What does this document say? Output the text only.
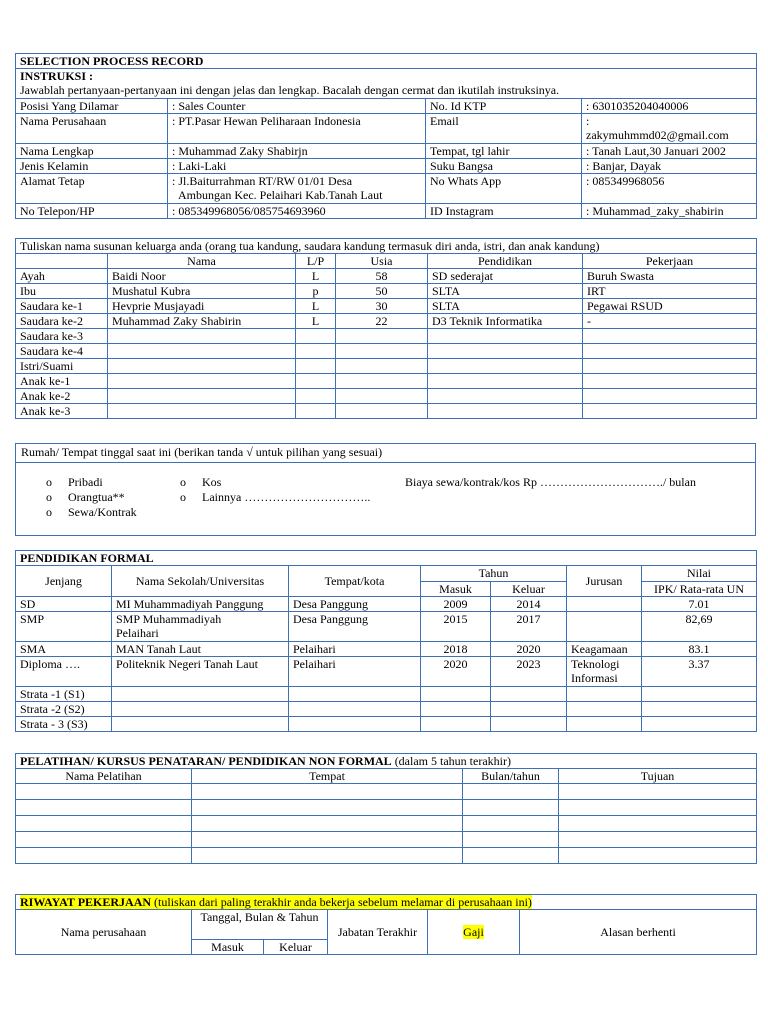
SELECTION PROCESS RECORD			

INSTRUKSI :
Jawablah pertanyaan-pertanyaan ini dengan jelas dan lengkap. Bacalah dengan cermat dan ikutilah instruksinya.			

Posisi Yang Dilamar	: Sales Counter	No. Id KTP	: 6301035204040006
Nama Perusahaan	: PT.Pasar Hewan Peliharaan Indonesia	Email	:
zakymuhmmd02@gmail.com

Nama Lengkap	: Muhammad Zaky Shabirjn	Tempat, tgl lahir	: Tanah Laut,30 Januari 2002
Jenis Kelamin	: Laki-Laki	Suku Bangsa	: Banjar, Dayak
Alamat Tetap	: Jl.Baiturrahman RT/RW 01/01 Desa
Ambungan Kec. Pelaihari Kab.Tanah Laut	No Whats App	: 085349968056
No Telepon/HP	: 085349968056/085754693960	ID Instagram	: Muhammad_zaky_shabirin
Tuliskan nama susunan keluarga anda (orang tua kandung, saudara kandung termasuk diri anda, istri, dan anak kandung)					
	Nama	L/P	Usia	Pendidikan	Pekerjaan
Ayah	Baidi Noor	L	58	SD sederajat	Buruh Swasta
Ibu	Mushatul Kubra	p	50	SLTA	IRT
Saudara ke-1	Hevprie Musjayadi	L	30	SLTA	Pegawai RSUD
Saudara ke-2	Muhammad Zaky Shabirin	L	22	D3 Teknik Informatika	-
Saudara ke-3					
Saudara ke-4					
Istri/Suami					
Anak ke-1					
Anak ke-2					
Anak ke-3					
Rumah/ Tempat tinggal saat ini (berikan tanda √ untuk pilihan yang sesuai)
o Pribadi
o Orangtua**
o Sewa/Kontrak
o Kos
o Lainnya …………………………..
Biaya sewa/kontrak/kos Rp …………………………./ bulan
PENDIDIKAN FORMAL						
Jenjang	Nama Sekolah/Universitas	Tempat/kota	Tahun		Jurusan	Nilai
			Masuk	Keluar		IPK/ Rata-rata UN
SD	MI Muhammadiyah Panggung	Desa Panggung	2009	2014		7.01
SMP	SMP Muhammadiyah
Pelaihari	Desa Panggung	2015	2017		82,69
SMA	MAN Tanah Laut	Pelaihari	2018	2020	Keagamaan	83.1
Diploma ….	Politeknik Negeri Tanah Laut	Pelaihari	2020	2023	Teknologi
Informasi	3.37
Strata -1 (S1)						
Strata -2 (S2)						
Strata - 3 (S3)						
PELATIHAN/ KURSUS PENATARAN/ PENDIDIKAN NON FORMAL (dalam 5 tahun terakhir)			
Nama Pelatihan	Tempat	Bulan/tahun	Tujuan

RIWAYAT PEKERJAAN (tuliskan dari paling terakhir anda bekerja sebelum melamar di perusahaan ini)					
Nama perusahaan	Tanggal, Bulan & Tahun		Jabatan Terakhir	Gaji	Alasan berhenti
	Masuk	Keluar			
